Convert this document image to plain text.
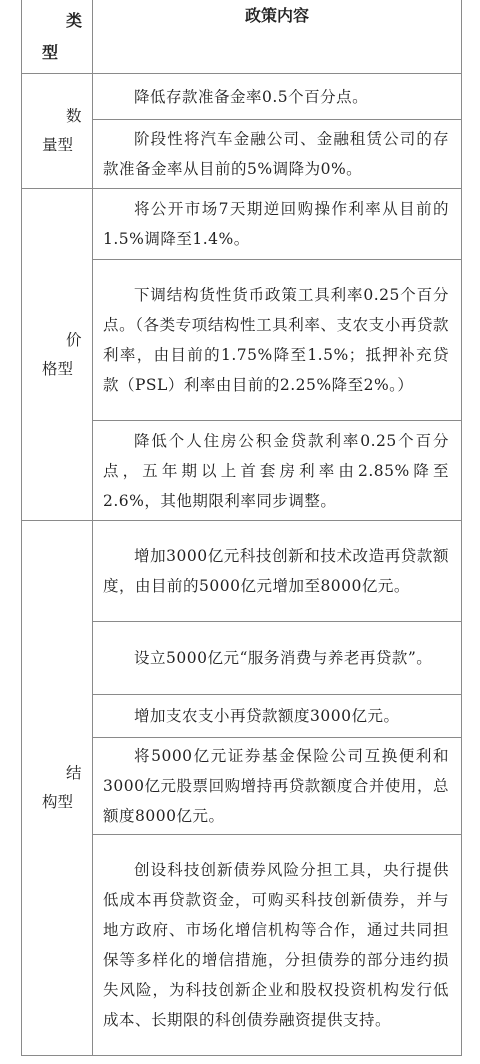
类
型	政策内容

数
量型	降低存款准备金率0.5个百分点。
	阶段性将汽车金融公司、金融租赁公司的存款准备金率从目前的5%调降为0%。

价
格型	将公开市场7天期逆回购操作利率从目前的1.5%调降至1.4%。
	下调结构货性货币政策工具利率0.25个百分点。（各类专项结构性工具利率、支农支小再贷款利率，由目前的1.75%降至1.5%；抵押补充贷款（PSL）利率由目前的2.25%降至2%。）
	降低个人住房公积金贷款利率0.25个百分点，五年期以上首套房利率由2.85%降至2.6%，其他期限利率同步调整。

结
构型	增加3000亿元科技创新和技术改造再贷款额度，由目前的5000亿元增加至8000亿元。
	设立5000亿元“服务消费与养老再贷款”。
	增加支农支小再贷款额度3000亿元。
	将5000亿元证券基金保险公司互换便利和3000亿元股票回购增持再贷款额度合并使用，总额度8000亿元。
	创设科技创新债券风险分担工具，央行提供低成本再贷款资金，可购买科技创新债券，并与地方政府、市场化增信机构等合作，通过共同担保等多样化的增信措施，分担债券的部分违约损失风险，为科技创新企业和股权投资机构发行低成本、长期限的科创债券融资提供支持。
